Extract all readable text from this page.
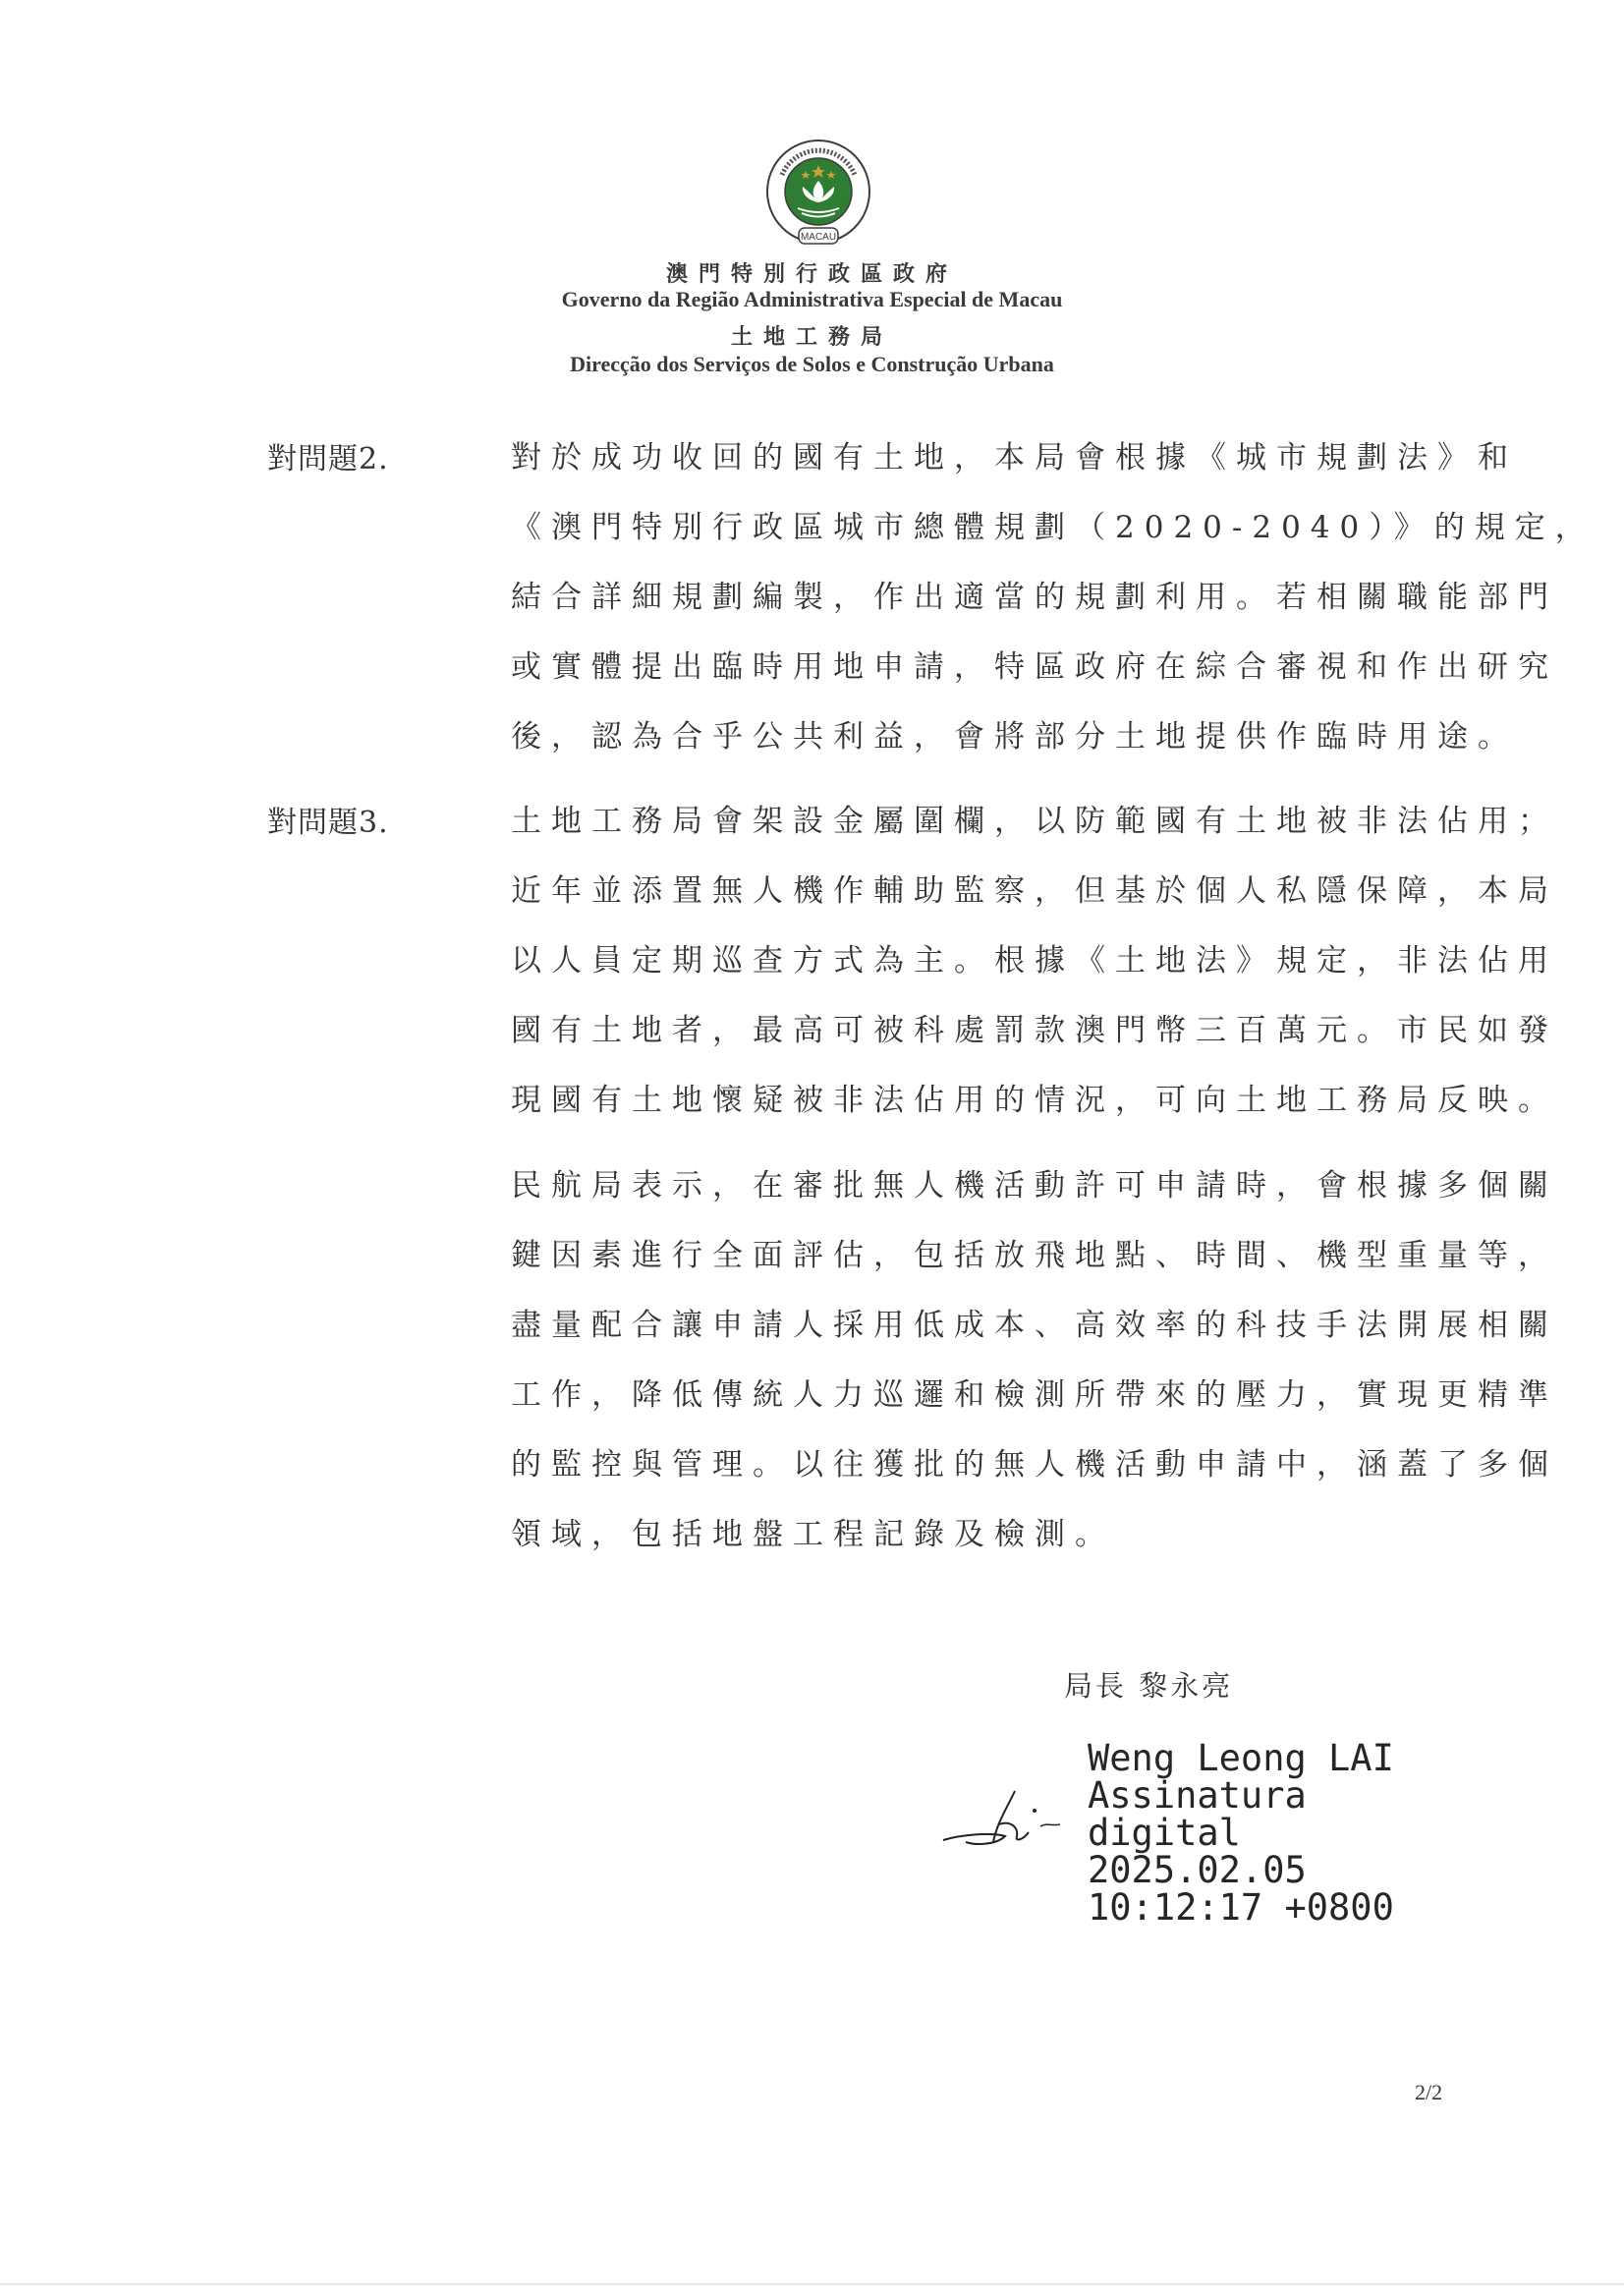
MACAU
澳門特別行政區政府
Governo da Região Administrativa Especial de Macau
土地工務局
Direcção dos Serviços de Solos e Construção Urbana
對問題2.	對於成功收回的國有土地，本局會根據《城市規劃法》和
《澳門特別行政區城市總體規劃（2020-2040）》的規定，
結合詳細規劃編製，作出適當的規劃利用。若相關職能部門
或實體提出臨時用地申請，特區政府在綜合審視和作出研究
後，認為合乎公共利益，會將部分土地提供作臨時用途。
對問題3.	土地工務局會架設金屬圍欄，以防範國有土地被非法佔用；
近年並添置無人機作輔助監察，但基於個人私隱保障，本局
以人員定期巡查方式為主。根據《土地法》規定，非法佔用
國有土地者，最高可被科處罰款澳門幣三百萬元。市民如發
現國有土地懷疑被非法佔用的情況，可向土地工務局反映。
民航局表示，在審批無人機活動許可申請時，會根據多個關
鍵因素進行全面評估，包括放飛地點、時間、機型重量等，
盡量配合讓申請人採用低成本、高效率的科技手法開展相關
工作，降低傳統人力巡邏和檢測所帶來的壓力，實現更精準
的監控與管理。以往獲批的無人機活動申請中，涵蓋了多個
領域，包括地盤工程記錄及檢測。
局長 黎永亮
Weng Leong LAI
Assinatura
digital
2025.02.05
10:12:17 +0800
2/2
